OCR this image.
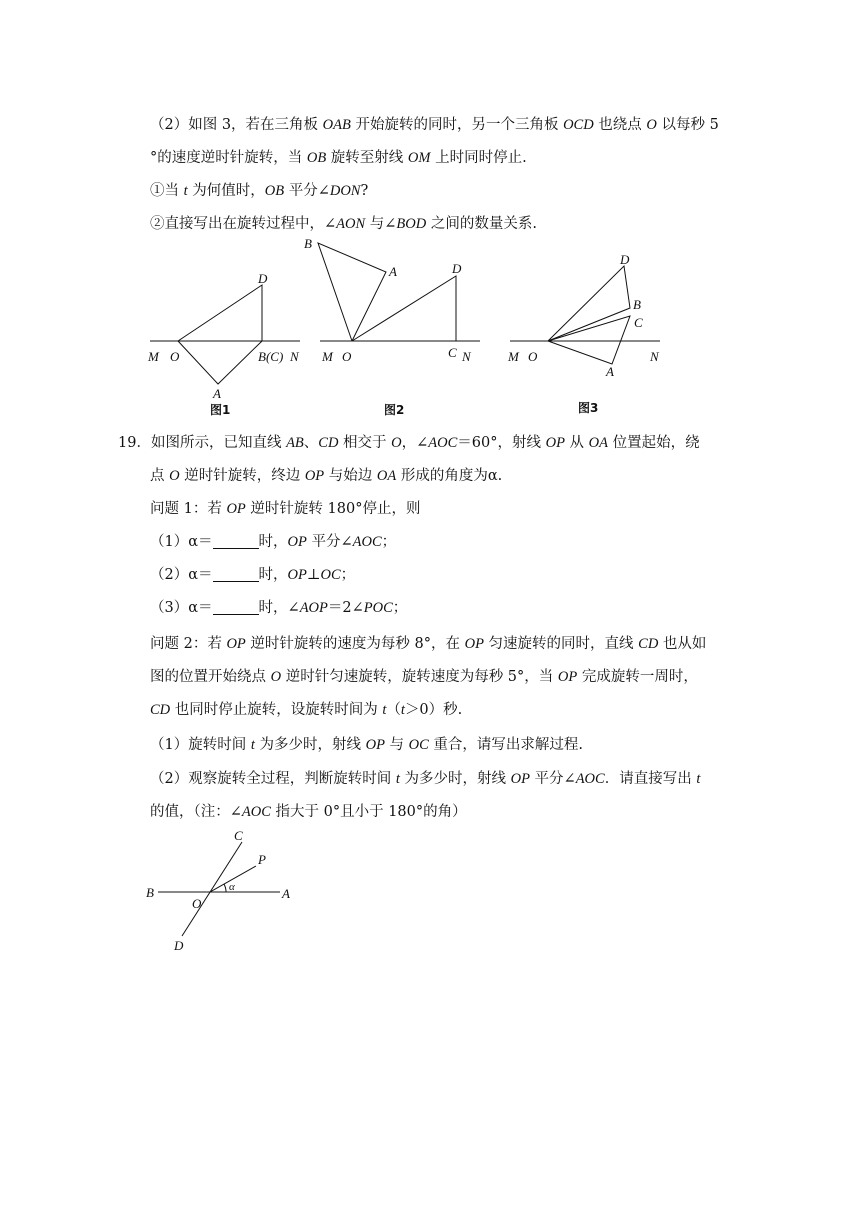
（2）如图 3，若在三角板 OAB 开始旋转的同时，另一个三角板 OCD 也绕点 O 以每秒 5
°的速度逆时针旋转，当 OB 旋转至射线 OM 上时同时停止.
①当 t 为何值时，OB 平分∠DON?
②直接写出在旋转过程中，∠AON 与∠BOD 之间的数量关系.
M O
D
B(C) N
A
图1
B
A	D
M O	C N
图2
D
B
C
M O	N
A
图3
19．如图所示，已知直线 AB、CD 相交于 O，∠AOC＝60°，射线 OP 从 OA 位置起始，绕
点 O 逆时针旋转，终边 OP 与始边 OA 形成的角度为α.
问题 1：若 OP 逆时针旋转 180°停止，则
（1）α＝	时，OP 平分∠AOC；
（2）α＝	时，OP⊥OC；
（3）α＝	时，∠AOP＝2∠POC；
问题 2：若 OP 逆时针旋转的速度为每秒 8°，在 OP 匀速旋转的同时，直线 CD 也从如
图的位置开始绕点 O 逆时针匀速旋转，旋转速度为每秒 5°，当 OP 完成旋转一周时，
CD 也同时停止旋转，设旋转时间为 t（t＞0）秒.
（1）旋转时间 t 为多少时，射线 OP 与 OC 重合，请写出求解过程.
（2）观察旋转全过程，判断旋转时间 t 为多少时，射线 OP 平分∠AOC．请直接写出 t
的值，（注：∠AOC 指大于 0°且小于 180°的角）
B	A
C
P
O
D
α
